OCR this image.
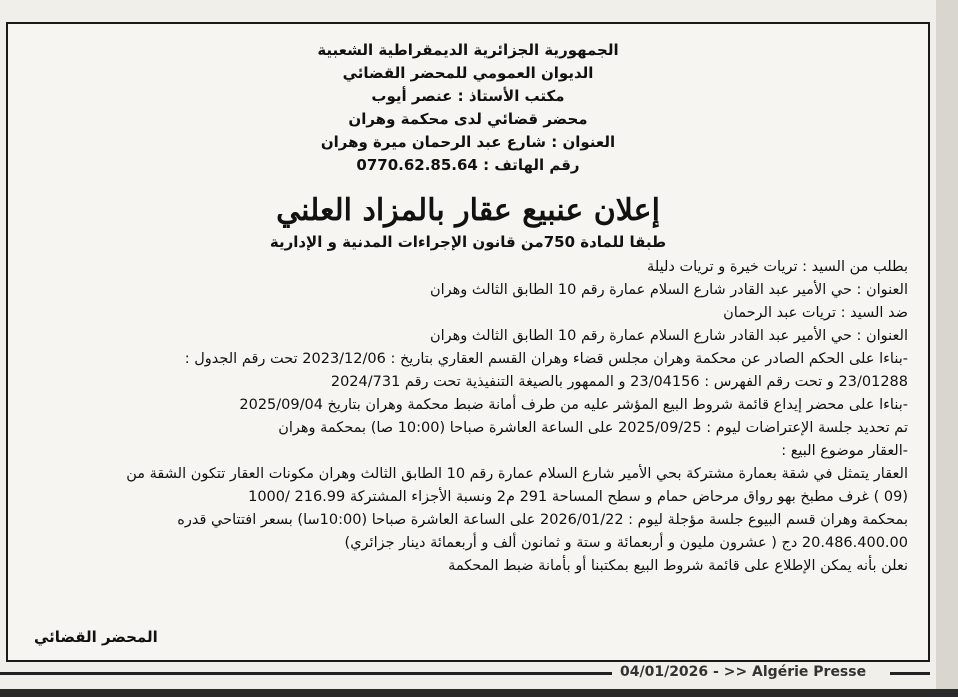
الجمهورية الجزائرية الديمقراطية الشعبية
الديوان العمومي للمحضر القضائي
مكتب الأستاذ : عنصر أيوب
محضر قضائي لدى محكمة وهران
العنوان : شارع عبد الرحمان ميرة وهران
رقم الهاتف : 0770.62.85.64
إعلان عنبيع عقار بالمزاد العلني
طبقا للمادة 750من قانون الإجراءات المدنية و الإدارية
بطلب من السيد : تريات خيرة و تريات دليلة
العنوان : حي الأمير عبد القادر شارع السلام عمارة رقم 10 الطابق الثالث وهران
ضد السيد : تريات عبد الرحمان
العنوان : حي الأمير عبد القادر شارع السلام عمارة رقم 10 الطابق الثالث وهران
-بناءا على الحكم الصادر عن محكمة وهران مجلس قضاء وهران القسم العقاري بتاريخ : 2023/12/06 تحت رقم الجدول :
23/01288 و تحت رقم الفهرس : 23/04156 و الممهور بالصيغة التنفيذية تحت رقم 2024/731
-بناءا على محضر إيداع قائمة شروط البيع المؤشر عليه من طرف أمانة ضبط محكمة وهران بتاريخ 2025/09/04
تم تحديد جلسة الإعتراضات ليوم : 2025/09/25 على الساعة العاشرة صباحا (10:00 صا) بمحكمة وهران
-العقار موضوع البيع :
العقار يتمثل في شقة بعمارة مشتركة بحي الأمير شارع السلام عمارة رقم 10 الطابق الثالث وهران مكونات العقار تتكون الشقة من
(09 ) غرف مطبخ بهو رواق مرحاض حمام و سطح المساحة 291 م2 ونسبة الأجزاء المشتركة 216.99 /1000
بمحكمة وهران قسم البيوع جلسة مؤجلة ليوم : 2026/01/22 على الساعة العاشرة صباحا (10:00سا) بسعر افتتاحي قدره
20.486.400.00 دج ( عشرون مليون و أربعمائة و ستة و ثمانون ألف و أربعمائة دينار جزائري)
نعلن بأنه يمكن الإطلاع على قائمة شروط البيع بمكتبنا أو بأمانة ضبط المحكمة
المحضر القضائي
04/01/2026 - >> Algérie Presse
